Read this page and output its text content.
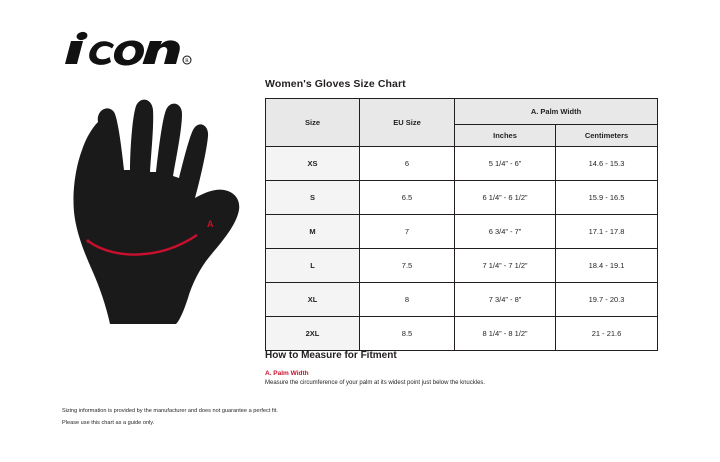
R
A
Women's Gloves Size Chart
Size	EU Size	A. Palm Width	
		Inches	Centimeters
XS	6	5 1/4” - 6”	14.6 - 15.3
S	6.5	6 1/4” - 6 1/2”	15.9 - 16.5
M	7	6 3/4” - 7”	17.1 - 17.8
L	7.5	7 1/4” - 7 1/2”	18.4 - 19.1
XL	8	7 3/4” - 8”	19.7 - 20.3
2XL	8.5	8 1/4” - 8 1/2”	21 - 21.6
How to Measure for Fitment
A. Palm Width
Measure the circumference of your palm at its widest point just below the knuckles.

Sizing information is provided by the manufacturer and does not guarantee a perfect fit.

Please use this chart as a guide only.
